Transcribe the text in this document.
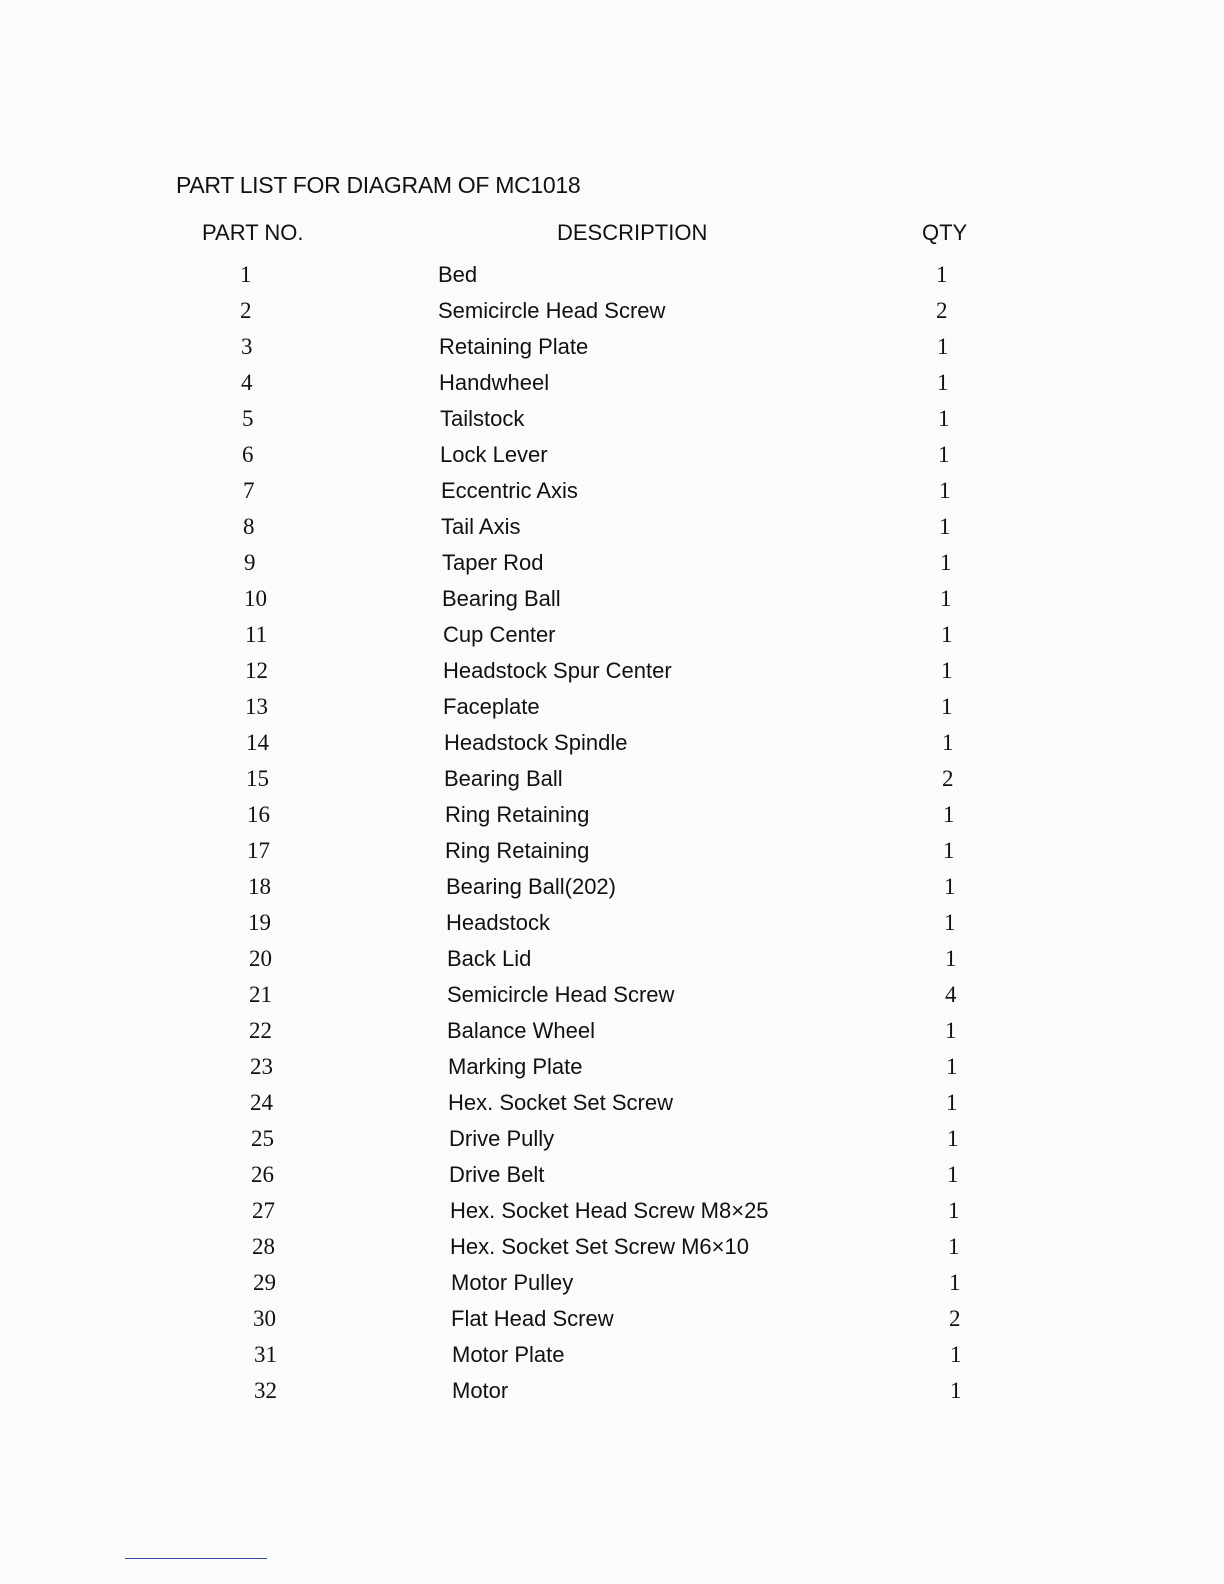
PART LIST FOR DIAGRAM OF MC1018
PART NO.	DESCRIPTION	QTY
1	Bed	1
2	Semicircle Head Screw	2
3	Retaining Plate	1
4	Handwheel	1
5	Tailstock	1
6	Lock Lever	1
7	Eccentric Axis	1
8	Tail Axis	1
9	Taper Rod	1
10	Bearing Ball	1
11	Cup Center	1
12	Headstock Spur Center	1
13	Faceplate	1
14	Headstock Spindle	1
15	Bearing Ball	2
16	Ring Retaining	1
17	Ring Retaining	1
18	Bearing Ball(202)	1
19	Headstock	1
20	Back Lid	1
21	Semicircle Head Screw	4
22	Balance Wheel	1
23	Marking Plate	1
24	Hex. Socket Set Screw	1
25	Drive Pully	1
26	Drive Belt	1
27	Hex. Socket Head Screw M8×25	1
28	Hex. Socket Set Screw M6×10	1
29	Motor Pulley	1
30	Flat Head Screw	2
31	Motor Plate	1
32	Motor	1
